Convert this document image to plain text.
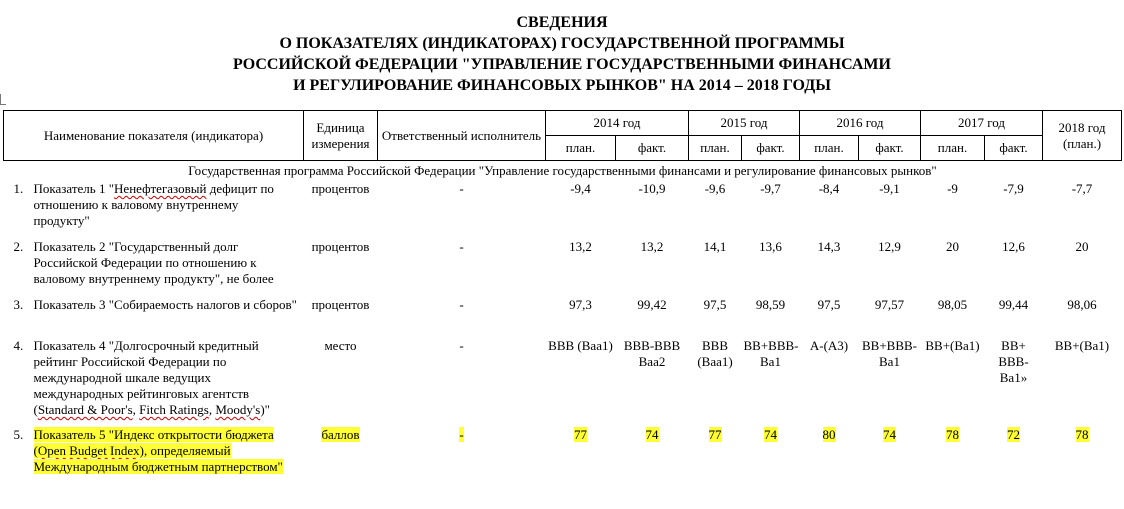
СВЕДЕНИЯ
О ПОКАЗАТЕЛЯХ (ИНДИКАТОРАХ) ГОСУДАРСТВЕННОЙ ПРОГРАММЫ
РОССИЙСКОЙ ФЕДЕРАЦИИ "УПРАВЛЕНИЕ ГОСУДАРСТВЕННЫМИ ФИНАНСАМИ
И РЕГУЛИРОВАНИЕ ФИНАНСОВЫХ РЫНКОВ" НА 2014 – 2018 ГОДЫ
Наименование показателя (индикатора)	Единица измерения	Ответственный исполнитель	2014 год		2015 год		2016 год		2017 год		2018 год (план.)
			план.	факт.	план.	факт.	план.	факт.	план.	факт.	
Государственная программа Российской Федерации "Управление государственными финансами и регулирование финансовых рынков"											

1. Показатель 1 "Ненефтегазовый дефицит по отношению к валовому внутреннему продукту"
процентов	-	-9,4	-10,9	-9,6	-9,7	-8,4	-9,1	-9	-7,9	-7,7

2. Показатель 2 "Государственный долг Российской Федерации по отношению к валовому внутреннему продукту", не более
процентов	-	13,2	13,2	14,1	13,6	14,3	12,9	20	12,6	20

3. Показатель 3 "Собираемость налогов и сборов"	процентов	-	97,3	99,42	97,5	98,59	97,5	97,57	98,05	99,44	98,06

4. Показатель 4 "Долгосрочный кредитный рейтинг Российской Федерации по международной шкале ведущих международных рейтинговых агентств (Standard & Poor's, Fitch Ratings, Moody's)"
место	-	BBB (Baa1)	BBB-BBB Baa2	BBB (Baa1)	BB+BBB-Ba1	A-(A3)	BB+BBB-Ba1	BB+(Ba1)	BB+ BBB-Ba1»	BB+(Ba1)

5. Показатель 5 "Индекс открытости бюджета (Open Budget Index), определяемый Международным бюджетным партнерством"
баллов	-	77	74	77	74	80	74	78	72	78
